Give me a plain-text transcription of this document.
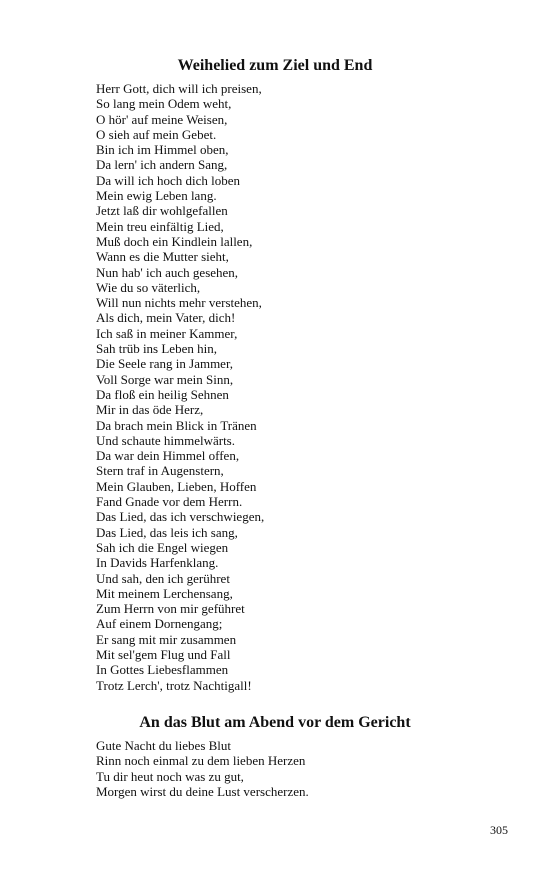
Weihelied zum Ziel und End
Herr Gott, dich will ich preisen,
So lang mein Odem weht,
O hör' auf meine Weisen,
O sieh auf mein Gebet.
Bin ich im Himmel oben,
Da lern' ich andern Sang,
Da will ich hoch dich loben
Mein ewig Leben lang.
Jetzt laß dir wohlgefallen
Mein treu einfältig Lied,
Muß doch ein Kindlein lallen,
Wann es die Mutter sieht,
Nun hab' ich auch gesehen,
Wie du so väterlich,
Will nun nichts mehr verstehen,
Als dich, mein Vater, dich!
Ich saß in meiner Kammer,
Sah trüb ins Leben hin,
Die Seele rang in Jammer,
Voll Sorge war mein Sinn,
Da floß ein heilig Sehnen
Mir in das öde Herz,
Da brach mein Blick in Tränen
Und schaute himmelwärts.
Da war dein Himmel offen,
Stern traf in Augenstern,
Mein Glauben, Lieben, Hoffen
Fand Gnade vor dem Herrn.
Das Lied, das ich verschwiegen,
Das Lied, das leis ich sang,
Sah ich die Engel wiegen
In Davids Harfenklang.
Und sah, den ich gerühret
Mit meinem Lerchensang,
Zum Herrn von mir geführet
Auf einem Dornengang;
Er sang mit mir zusammen
Mit sel'gem Flug und Fall
In Gottes Liebesflammen
Trotz Lerch', trotz Nachtigall!
An das Blut am Abend vor dem Gericht
Gute Nacht du liebes Blut
Rinn noch einmal zu dem lieben Herzen
Tu dir heut noch was zu gut,
Morgen wirst du deine Lust verscherzen.
305
